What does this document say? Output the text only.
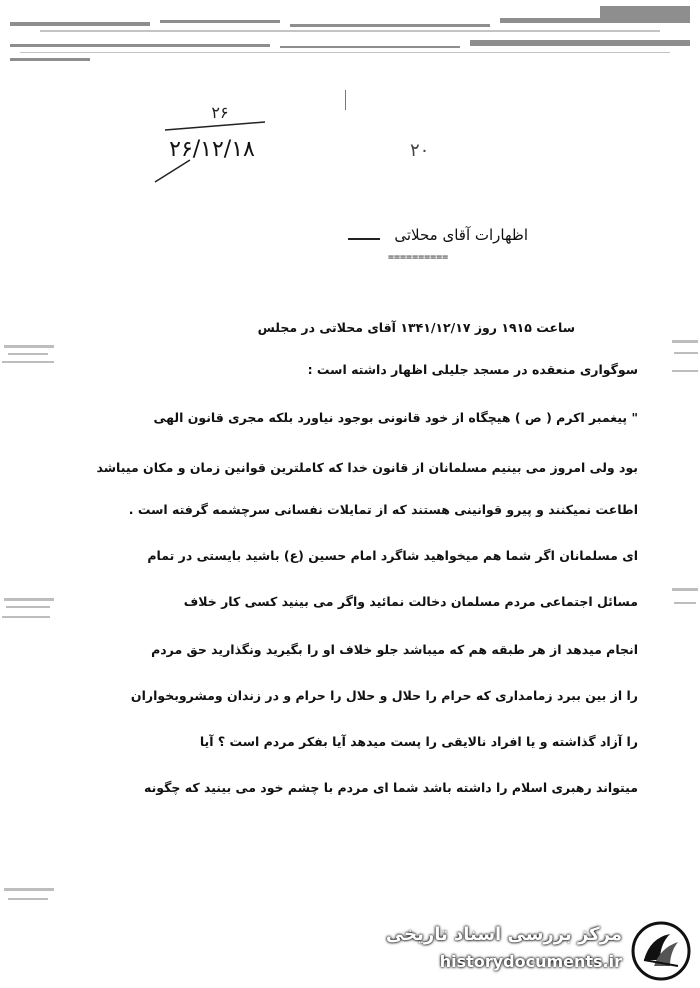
۲۶
۲۶/۱۲/۱۸	۲۰
اظهارات آقای محلاتی
==========
ساعت ۱۹۱۵ روز ۱۳۴۱/۱۲/۱۷ آقای محلاتی در مجلس
سوگواری منعقده در مسجد جلیلی اظهار داشته است :
" پیغمبر اکرم ( ص ) هیچگاه از خود قانونی بوجود نیاورد بلکه مجری قانون الهی
بود ولی امروز می بینیم مسلمانان از قانون خدا که کاملترین قوانین زمان و مکان میباشد
اطاعت نمیکنند و پیرو قوانینی هستند که از تمایلات نفسانی سرچشمه گرفته است .
ای مسلمانان اگر شما هم میخواهید شاگرد امام حسین (ع) باشید بایستی در تمام
مسائل اجتماعی مردم مسلمان دخالت نمائید واگر می بینید کسی کار خلاف
انجام میدهد از هر طبقه هم که میباشد جلو خلاف او را بگیرید ونگذارید حق مردم
را از بین ببرد زمامداری که حرام را حلال و حلال را حرام و در زندان ومشروبخواران
را آزاد گذاشته و یا افراد نالایقی را پست میدهد آیا بفکر مردم است ؟ آیا
میتواند رهبری اسلام را داشته باشد شما ای مردم با چشم خود می بینید که چگونه
مرکز بررسی اسناد تاریخی
historydocuments.ir
